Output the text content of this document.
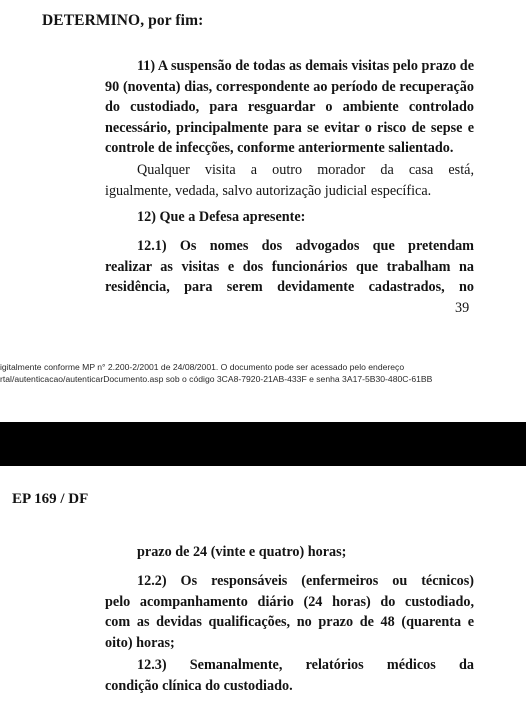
DETERMINO, por fim:
11) A suspensão de todas as demais visitas pelo prazo de
90 (noventa) dias, correspondente ao período de recuperação
do custodiado, para resguardar o ambiente controlado
necessário, principalmente para se evitar o risco de sepse e
controle de infecções, conforme anteriormente salientado.
Qualquer visita a outro morador da casa está,
igualmente, vedada, salvo autorização judicial específica.
12) Que a Defesa apresente:
12.1) Os nomes dos advogados que pretendam
realizar as visitas e dos funcionários que trabalham na
residência, para serem devidamente cadastrados, no
39
igitalmente conforme MP n° 2.200-2/2001 de 24/08/2001. O documento pode ser acessado pelo endereço
rtal/autenticacao/autenticarDocumento.asp sob o código 3CA8-7920-21AB-433F e senha 3A17-5B30-480C-61BB
EP 169 / DF
prazo de 24 (vinte e quatro) horas;
12.2) Os responsáveis (enfermeiros ou técnicos)
pelo acompanhamento diário (24 horas) do custodiado,
com as devidas qualificações, no prazo de 48 (quarenta e
oito) horas;
12.3) Semanalmente, relatórios médicos da
condição clínica do custodiado.
